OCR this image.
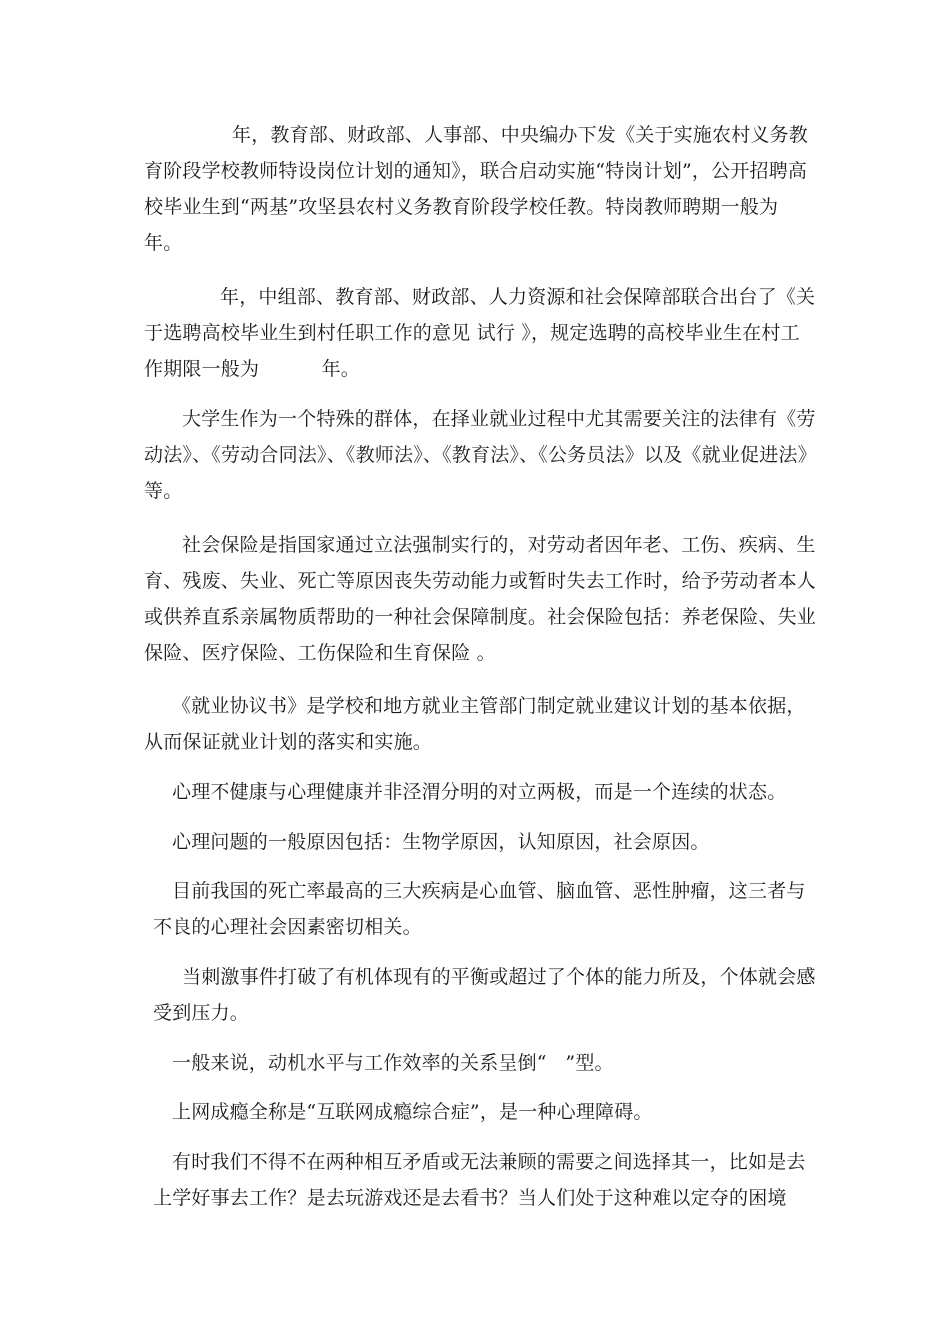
年，教育部、财政部、人事部、中央编办下发《关于实施农村义务教
育阶段学校教师特设岗位计划的通知》，联合启动实施“特岗计划”，公开招聘高
校毕业生到“两基”攻坚县农村义务教育阶段学校任教。特岗教师聘期一般为
年。
年，中组部、教育部、财政部、人力资源和社会保障部联合出台了《关
于选聘高校毕业生到村任职工作的意见 试行 》，规定选聘的高校毕业生在村工
作期限一般为          年。
大学生作为一个特殊的群体，在择业就业过程中尤其需要关注的法律有《劳
动法》、《劳动合同法》、《教师法》、《教育法》、《公务员法》以及《就业促进法》
等。
社会保险是指国家通过立法强制实行的，对劳动者因年老、工伤、疾病、生
育、残废、失业、死亡等原因丧失劳动能力或暂时失去工作时，给予劳动者本人
或供养直系亲属物质帮助的一种社会保障制度。社会保险包括：养老保险、失业
保险、医疗保险、工伤保险和生育保险 。
《就业协议书》是学校和地方就业主管部门制定就业建议计划的基本依据，
从而保证就业计划的落实和实施。
心理不健康与心理健康并非泾渭分明的对立两极，而是一个连续的状态。
心理问题的一般原因包括：生物学原因，认知原因，社会原因。
目前我国的死亡率最高的三大疾病是心血管、脑血管、恶性肿瘤，这三者与
不良的心理社会因素密切相关。
当刺激事件打破了有机体现有的平衡或超过了个体的能力所及，个体就会感
受到压力。
一般来说，动机水平与工作效率的关系呈倒“   ”型。
上网成瘾全称是“互联网成瘾综合症”，是一种心理障碍。
有时我们不得不在两种相互矛盾或无法兼顾的需要之间选择其一，比如是去
上学好事去工作？是去玩游戏还是去看书？当人们处于这种难以定夺的困境
